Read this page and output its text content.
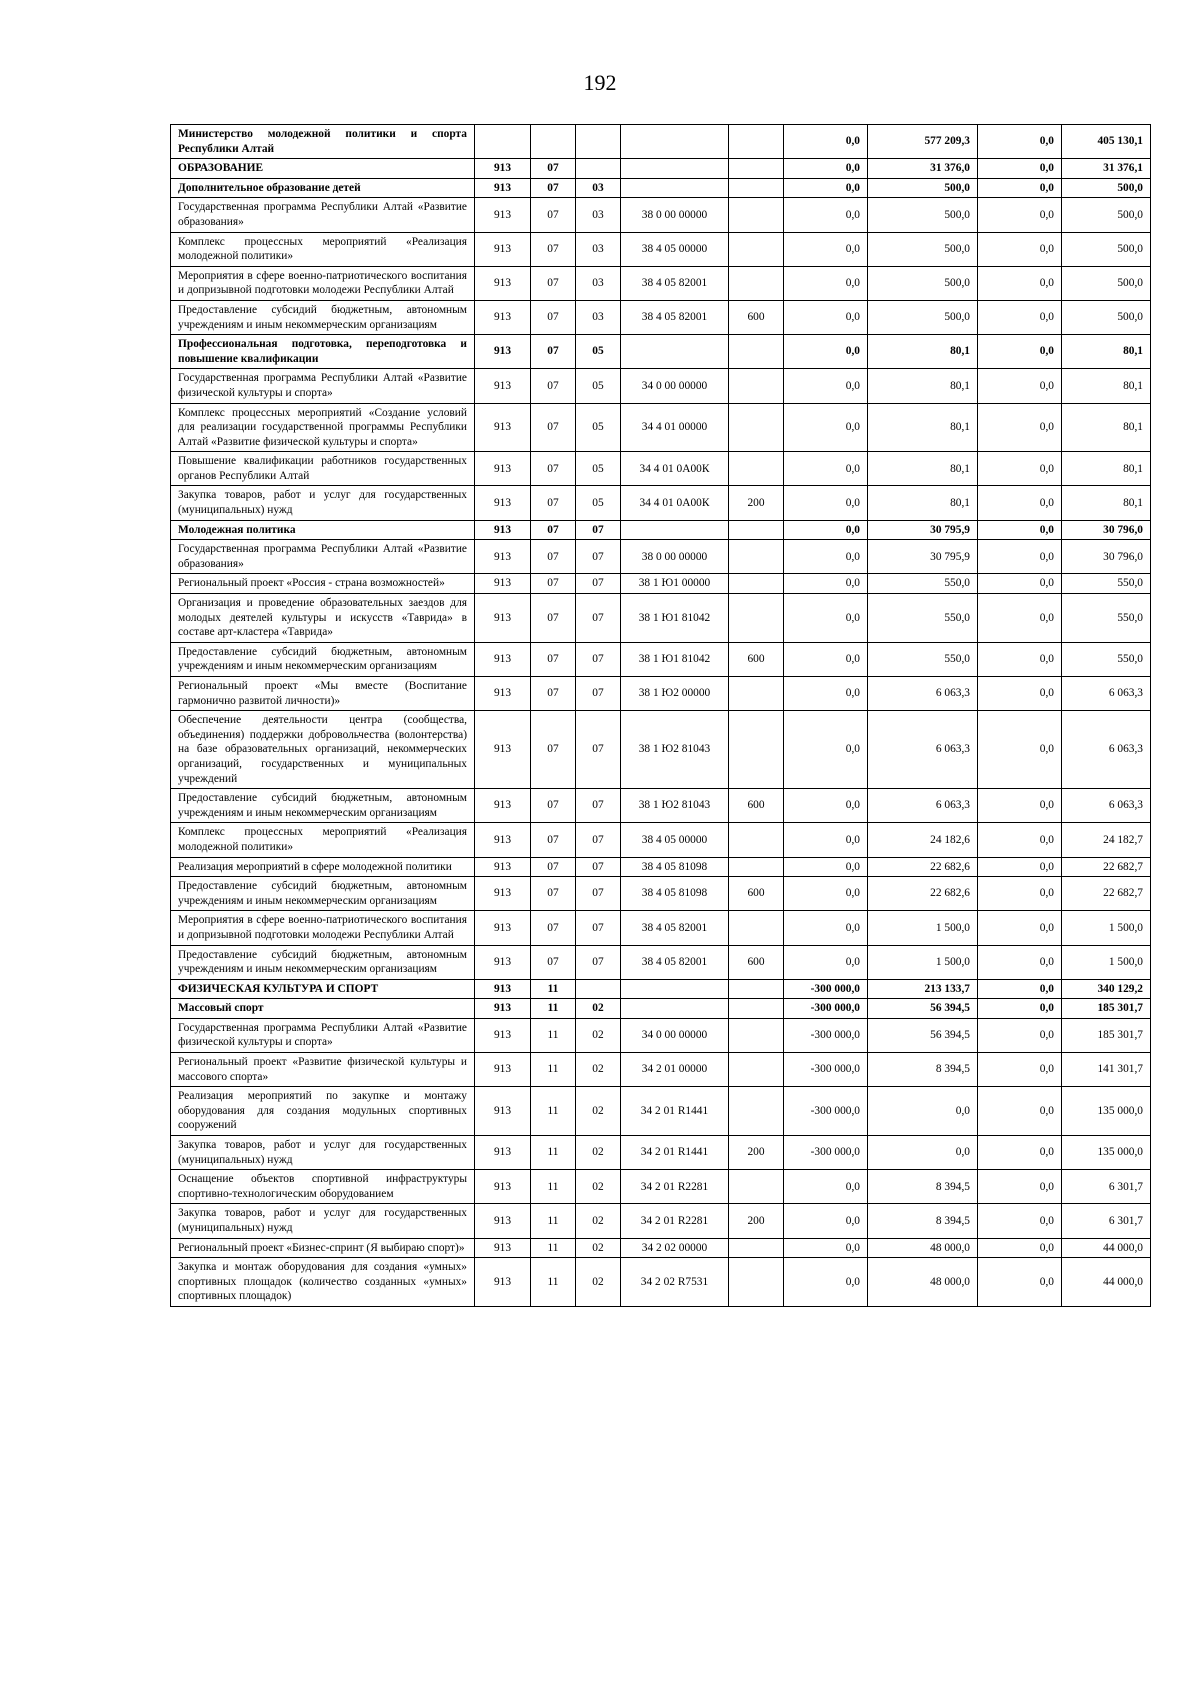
192
Министерство молодежной политики и спорта Республики Алтай						0,0	577 209,3	0,0	405 130,1
ОБРАЗОВАНИЕ	913	07				0,0	31 376,0	0,0	31 376,1
Дополнительное образование детей	913	07	03			0,0	500,0	0,0	500,0
Государственная программа Республики Алтай «Развитие образования»	913	07	03	38 0 00 00000		0,0	500,0	0,0	500,0
Комплекс процессных мероприятий «Реализация молодежной политики»	913	07	03	38 4 05 00000		0,0	500,0	0,0	500,0
Мероприятия в сфере военно-патриотического воспитания и допризывной подготовки молодежи Республики Алтай	913	07	03	38 4 05 82001		0,0	500,0	0,0	500,0
Предоставление субсидий бюджетным, автономным учреждениям и иным некоммерческим организациям	913	07	03	38 4 05 82001	600	0,0	500,0	0,0	500,0
Профессиональная подготовка, переподготовка и повышение квалификации	913	07	05			0,0	80,1	0,0	80,1
Государственная программа Республики Алтай «Развитие физической культуры и спорта»	913	07	05	34 0 00 00000		0,0	80,1	0,0	80,1
Комплекс процессных мероприятий «Создание условий для реализации государственной программы Республики Алтай «Развитие физической культуры и спорта»	913	07	05	34 4 01 00000		0,0	80,1	0,0	80,1
Повышение квалификации работников государственных органов Республики Алтай	913	07	05	34 4 01 0А00К		0,0	80,1	0,0	80,1
Закупка товаров, работ и услуг для государственных (муниципальных) нужд	913	07	05	34 4 01 0А00К	200	0,0	80,1	0,0	80,1
Молодежная политика	913	07	07			0,0	30 795,9	0,0	30 796,0
Государственная программа Республики Алтай «Развитие образования»	913	07	07	38 0 00 00000		0,0	30 795,9	0,0	30 796,0
Региональный проект «Россия - страна возможностей»	913	07	07	38 1 Ю1 00000		0,0	550,0	0,0	550,0
Организация и проведение образовательных заездов для молодых деятелей культуры и искусств «Таврида» в составе арт-кластера «Таврида»	913	07	07	38 1 Ю1 81042		0,0	550,0	0,0	550,0
Предоставление субсидий бюджетным, автономным учреждениям и иным некоммерческим организациям	913	07	07	38 1 Ю1 81042	600	0,0	550,0	0,0	550,0
Региональный проект «Мы вместе (Воспитание гармонично развитой личности)»	913	07	07	38 1 Ю2 00000		0,0	6 063,3	0,0	6 063,3
Обеспечение деятельности центра (сообщества, объединения) поддержки добровольчества (волонтерства) на базе образовательных организаций, некоммерческих организаций, государственных и муниципальных учреждений	913	07	07	38 1 Ю2 81043		0,0	6 063,3	0,0	6 063,3
Предоставление субсидий бюджетным, автономным учреждениям и иным некоммерческим организациям	913	07	07	38 1 Ю2 81043	600	0,0	6 063,3	0,0	6 063,3
Комплекс процессных мероприятий «Реализация молодежной политики»	913	07	07	38 4 05 00000		0,0	24 182,6	0,0	24 182,7
Реализация мероприятий в сфере молодежной политики	913	07	07	38 4 05 81098		0,0	22 682,6	0,0	22 682,7
Предоставление субсидий бюджетным, автономным учреждениям и иным некоммерческим организациям	913	07	07	38 4 05 81098	600	0,0	22 682,6	0,0	22 682,7
Мероприятия в сфере военно-патриотического воспитания и допризывной подготовки молодежи Республики Алтай	913	07	07	38 4 05 82001		0,0	1 500,0	0,0	1 500,0
Предоставление субсидий бюджетным, автономным учреждениям и иным некоммерческим организациям	913	07	07	38 4 05 82001	600	0,0	1 500,0	0,0	1 500,0
ФИЗИЧЕСКАЯ КУЛЬТУРА И СПОРТ	913	11				-300 000,0	213 133,7	0,0	340 129,2
Массовый спорт	913	11	02			-300 000,0	56 394,5	0,0	185 301,7
Государственная программа Республики Алтай «Развитие физической культуры и спорта»	913	11	02	34 0 00 00000		-300 000,0	56 394,5	0,0	185 301,7
Региональный проект «Развитие физической культуры и массового спорта»	913	11	02	34 2 01 00000		-300 000,0	8 394,5	0,0	141 301,7
Реализация мероприятий по закупке и монтажу оборудования для создания модульных спортивных сооружений	913	11	02	34 2 01 R1441		-300 000,0	0,0	0,0	135 000,0
Закупка товаров, работ и услуг для государственных (муниципальных) нужд	913	11	02	34 2 01 R1441	200	-300 000,0	0,0	0,0	135 000,0
Оснащение объектов спортивной инфраструктуры спортивно-технологическим оборудованием	913	11	02	34 2 01 R2281		0,0	8 394,5	0,0	6 301,7
Закупка товаров, работ и услуг для государственных (муниципальных) нужд	913	11	02	34 2 01 R2281	200	0,0	8 394,5	0,0	6 301,7
Региональный проект «Бизнес-спринт (Я выбираю спорт)»	913	11	02	34 2 02 00000		0,0	48 000,0	0,0	44 000,0
Закупка и монтаж оборудования для создания «умных» спортивных площадок (количество созданных «умных» спортивных площадок)	913	11	02	34 2 02 R7531		0,0	48 000,0	0,0	44 000,0
